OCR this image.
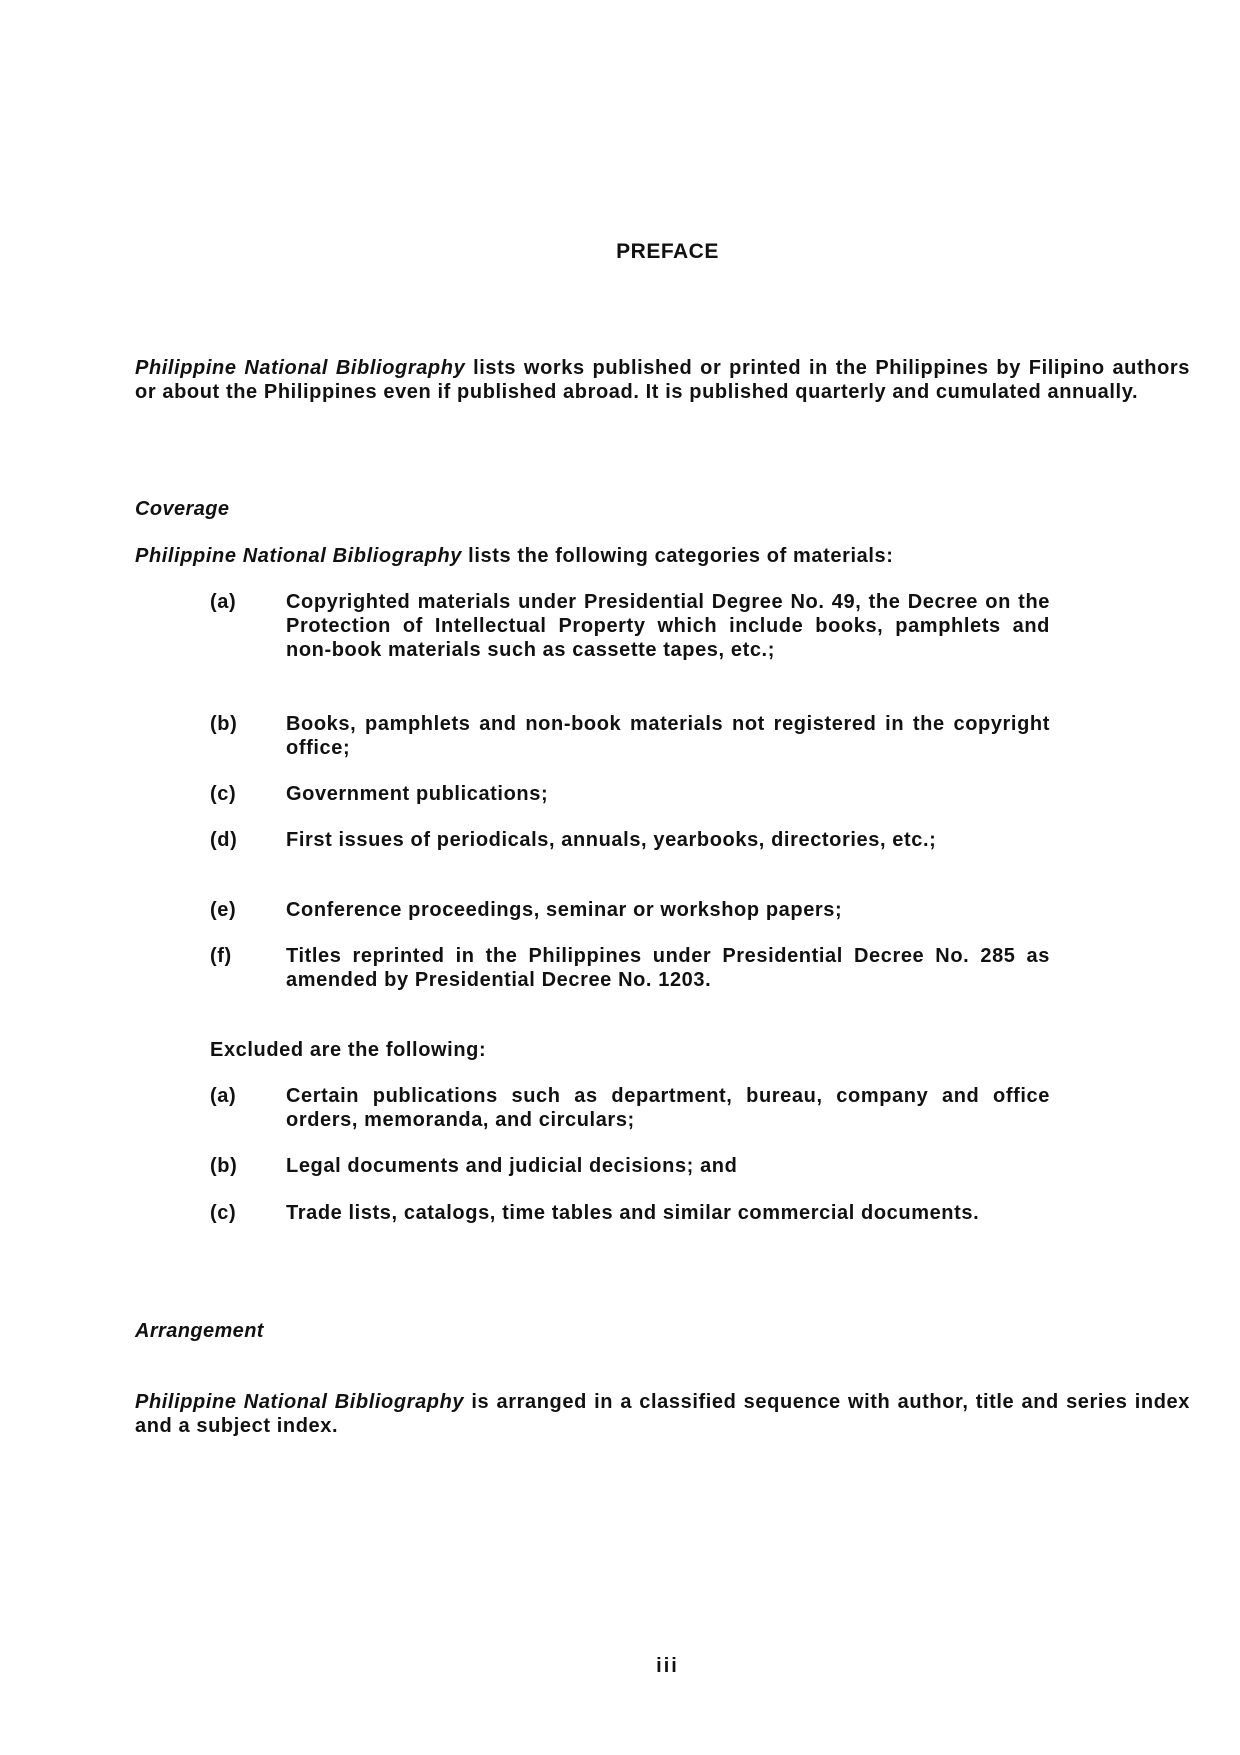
PREFACE
Philippine National Bibliography lists works published or printed in the Philippines by Filipino authors or about the Philippines even if published abroad. It is published quarterly and cumulated annually.
Coverage
Philippine National Bibliography lists the following categories of materials:
(a)	Copyrighted materials under Presidential Degree No. 49, the Decree on the Protection of Intellectual Property which include books, pamphlets and non-book materials such as cassette tapes, etc.;
(b)	Books, pamphlets and non-book materials not registered in the copyright office;
(c)	Government publications;
(d)	First issues of periodicals, annuals, yearbooks, directories, etc.;
(e)	Conference proceedings, seminar or workshop papers;
(f)	Titles reprinted in the Philippines under Presidential Decree No. 285 as amended by Presidential Decree No. 1203.
Excluded are the following:
(a)	Certain publications such as department, bureau, company and office orders, memoranda, and circulars;
(b)	Legal documents and judicial decisions; and
(c)	Trade lists, catalogs, time tables and similar commercial documents.
Arrangement
Philippine National Bibliography is arranged in a classified sequence with author, title and series index and a subject index.
iii
